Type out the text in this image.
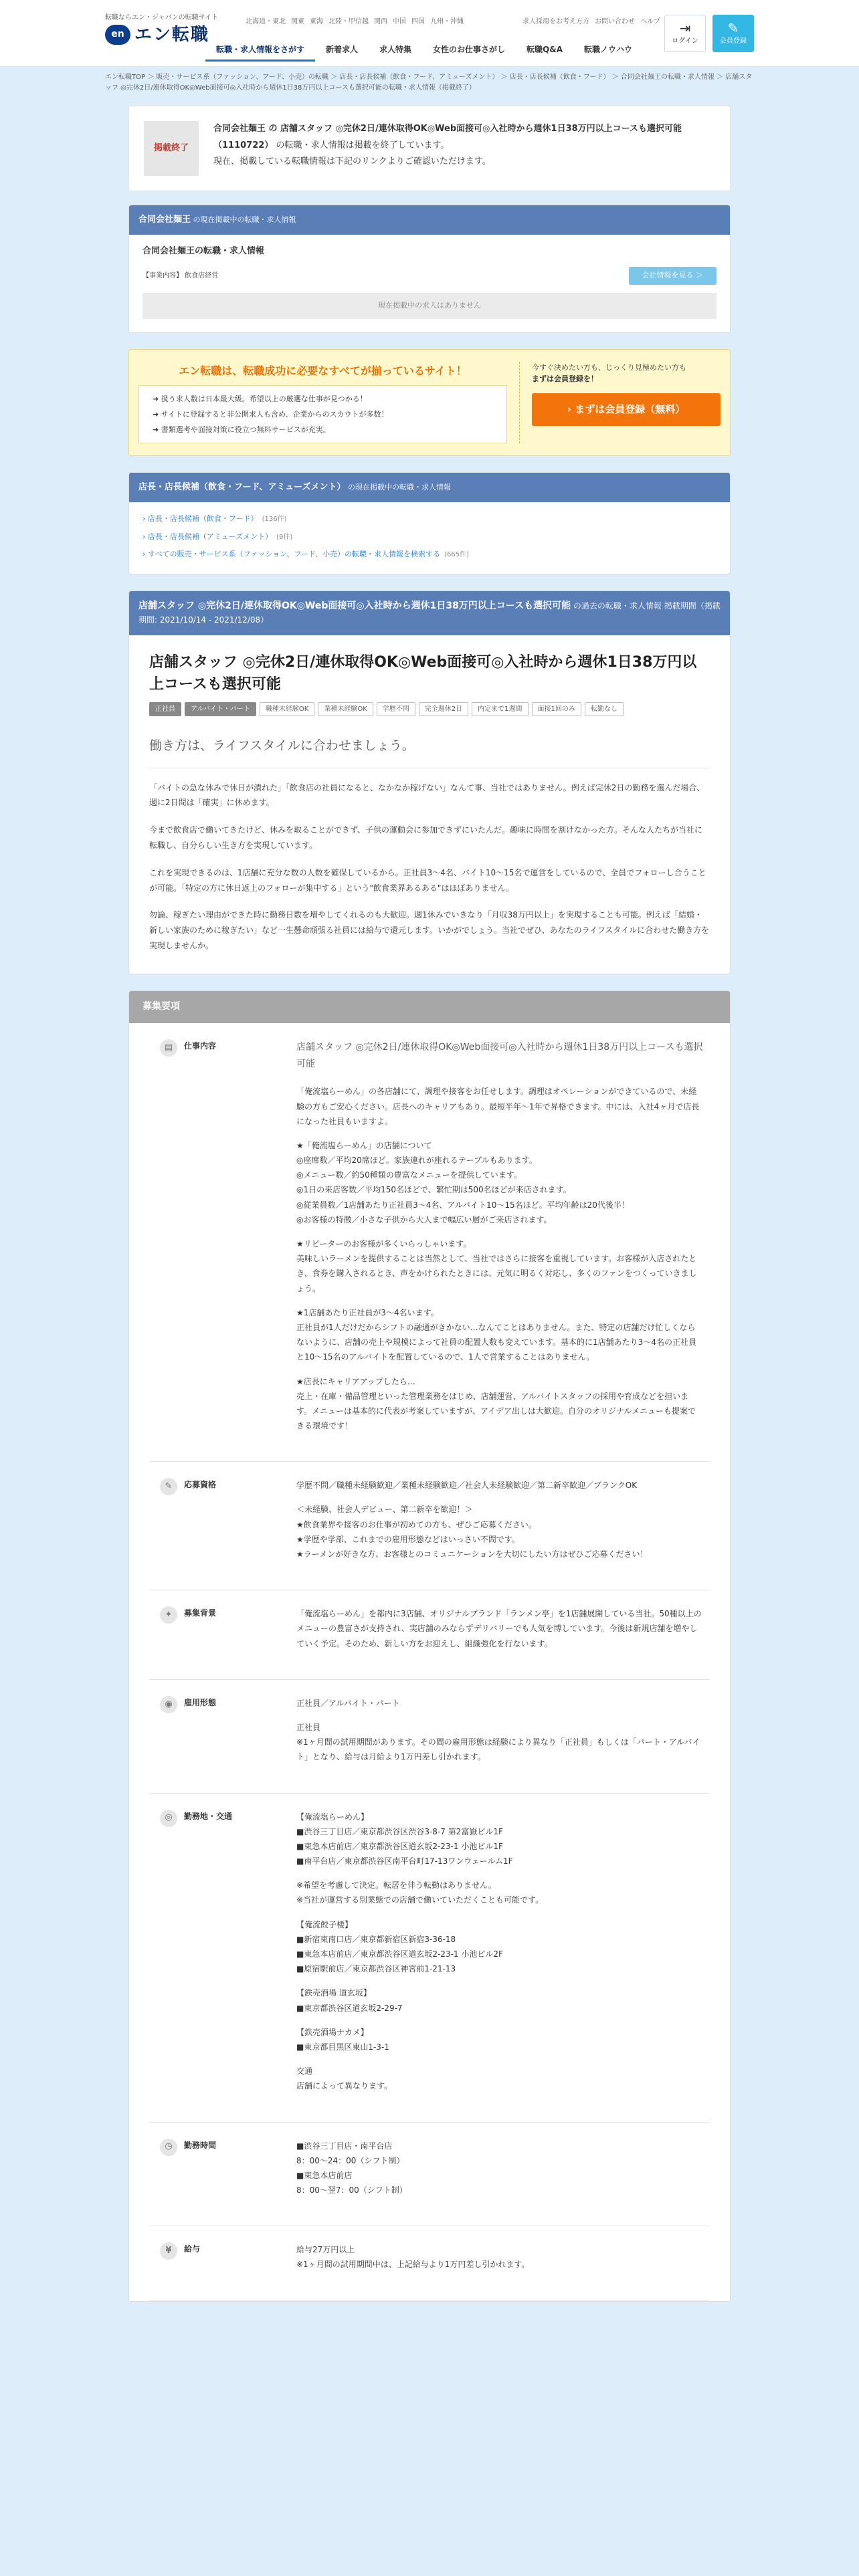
転職ならエン・ジャパンの転職サイト
en エン転職
北海道・東北 関東 東海 北陸・甲信越 関西 中国 四国 九州・沖縄	求人採用をお考え方方 お問い合わせ ヘルプ
転職・求人情報をさがす	新着求人	求人特集	女性のお仕事さがし	転職Q&A	転職ノウハウ
⇥
ログイン
✎
会員登録
エン転職TOP ＞ 販売・サービス系（ファッション、フード、小売）の転職 ＞ 店長・店長候補（飲食・フード、アミューズメント） ＞ 店長・店長候補（飲食・フード） ＞ 合同会社麺王の転職・求人情報 ＞ 店舗スタッフ ◎完休2日/連休取得OK◎Web面接可◎入社時から週休1日38万円以上コースも選択可能の転職・求人情報（掲載終了）
掲載終了
合同会社麺王 の 店舗スタッフ ◎完休2日/連休取得OK◎Web面接可◎入社時から週休1日38万円以上コースも選択可能（1110722） の転職・求人情報は掲載を終了しています。
現在、掲載している転職情報は下記のリンクよりご確認いただけます。
合同会社麺王 の現在掲載中の転職・求人情報
合同会社麺王の転職・求人情報
【事業内容】 飲食店経営	会社情報を見る ＞
現在掲載中の求人はありません
エン転職は、転職成功に必要なすべてが揃っているサイト！
➜ 扱う求人数は日本最大級。希望以上の厳選な仕事が見つかる！
➜ サイトに登録すると非公開求人も含め、企業からのスカウトが多数！
➜ 書類選考や面接対策に役立つ無料サービスが充実。
今すぐ決めたい方も、じっくり見極めたい方も
まずは会員登録を！
› まずは会員登録（無料）
店長・店長候補（飲食・フード、アミューズメント） の現在掲載中の転職・求人情報
› 店長・店長候補（飲食・フード） (136件)
› 店長・店長候補（アミューズメント） (9件)
› すべての販売・サービス系（ファッション、フード、小売）の転職・求人情報を検索する (665件)
店舗スタッフ ◎完休2日/連休取得OK◎Web面接可◎入社時から週休1日38万円以上コースも選択可能 の過去の転職・求人情報 掲載期間（掲載期間: 2021/10/14 - 2021/12/08）
店舗スタッフ ◎完休2日/連休取得OK◎Web面接可◎入社時から週休1日38万円以上コースも選択可能
正社員	アルバイト・パート	職種未経験OK	業種未経験OK	学歴不問	完全週休2日	内定まで1週間	面接1回のみ	転勤なし
働き方は、ライフスタイルに合わせましょう。

「バイトの急な休みで休日が潰れた」「飲食店の社員になると、なかなか稼げない」なんて事、当社ではありません。例えば完休2日の勤務を選んだ場合、週に2日間は「確実」に休めます。

今まで飲食店で働いてきたけど、休みを取ることができず、子供の運動会に参加できずにいたんだ。趣味に時間を割けなかった方。そんな人たちが当社に転職し、自分らしい生き方を実現しています。

これを実現できるのは、1店舗に充分な数の人数を確保しているから。正社員3～4名、バイト10～15名で運営をしているので、全員でフォローし合うことが可能。「特定の方に休日返上のフォローが集中する」という"飲食業界あるある"はほぼありません。

勿論、稼ぎたい理由ができた時に勤務日数を増やしてくれるのも大歓迎。週1休みでいきなり「月収38万円以上」を実現することも可能。例えば「結婚・新しい家族のために稼ぎたい」など一生懸命頑張る社員には給与で還元します。いかがでしょう。当社でぜひ、あなたのライフスタイルに合わせた働き方を実現しませんか。

募集要項
▤	仕事内容	店舗スタッフ ◎完休2日/連休取得OK◎Web面接可◎入社時から週休1日38万円以上コースも選択可能

「俺流塩らーめん」の各店舗にて、調理や接客をお任せします。調理はオペレーションができているので、未経験の方もご安心ください。店長へのキャリアもあり。最短半年～1年で昇格できます。中には、入社4ヶ月で店長になった社員もいますよ。

★「俺流塩らーめん」の店舗について
◎座席数／平均20席ほど。家族連れが座れるテーブルもあります。
◎メニュー数／約50種類の豊富なメニューを提供しています。
◎1日の来店客数／平均150名ほどで、繁忙期は500名ほどが来店されます。
◎従業員数／1店舗あたり正社員3～4名、アルバイト10～15名ほど。平均年齢は20代後半！
◎お客様の特徴／小さな子供から大人まで幅広い層がご来店されます。

★リピーターのお客様が多くいらっしゃいます。
美味しいラーメンを提供することは当然として、当社ではさらに接客を重視しています。お客様が入店されたとき、食券を購入されるとき、声をかけられたときには、元気に明るく対応し、多くのファンをつくっていきましょう。

★1店舗あたり正社員が3～4名います。
正社員が1人だけだからシフトの融通がきかない…なんてことはありません。また、特定の店舗だけ忙しくならないように、店舗の売上や規模によって社員の配置人数も変えています。基本的に1店舗あたり3～4名の正社員と10～15名のアルバイトを配置しているので、1人で営業することはありません。

★店長にキャリアアップしたら…
売上・在庫・備品管理といった管理業務をはじめ、店舗運営、アルバイトスタッフの採用や育成などを担います。メニューは基本的に代表が考案していますが、アイデア出しは大歓迎。自分のオリジナルメニューも提案できる環境です！

✎	応募資格	学歴不問／職種未経験歓迎／業種未経験歓迎／社会人未経験歓迎／第二新卒歓迎／ブランクOK

＜未経験、社会人デビュー、第二新卒を歓迎！＞
★飲食業界や接客のお仕事が初めての方も、ぜひご応募ください。
★学歴や学部、これまでの雇用形態などはいっさい不問です。
★ラーメンが好きな方、お客様とのコミュニケーションを大切にしたい方はぜひご応募ください！

✦	募集背景	「俺流塩らーめん」を都内に3店舗、オリジナルブランド「ランメン亭」を1店舗展開している当社。50種以上のメニューの豊富さが支持され、実店舗のみならずデリバリーでも人気を博しています。今後は新規店舗を増やしていく予定。そのため、新しい方をお迎えし、組織強化を行ないます。

◉	雇用形態	正社員／アルバイト・パート

正社員
※1ヶ月間の試用期間があります。その間の雇用形態は経験により異なり「正社員」もしくは「パート・アルバイト」となり、給与は月給より1万円差し引かれます。

◎	勤務地・交通	【俺流塩らーめん】
■渋谷三丁目店／東京都渋谷区渋谷3-8-7 第2富嶽ビル1F
■東急本店前店／東京都渋谷区道玄坂2-23-1 小池ビル1F
■南平台店／東京都渋谷区南平台町17-13ワンウェールム1F

※希望を考慮して決定。転居を伴う転勤はありません。
※当社が運営する別業態での店舗で働いていただくことも可能です。

【俺流餃子楼】
■新宿東南口店／東京都新宿区新宿3-36-18
■東急本店前店／東京都渋谷区道玄坂2-23-1 小池ビル2F
■原宿駅前店／東京都渋谷区神宮前1-21-13

【鉄売酒場 道玄坂】
■東京都渋谷区道玄坂2-29-7

【鉄売酒場ナカメ】
■東京都目黒区東山1-3-1

交通
店舗によって異なります。

◷	勤務時間	■渋谷三丁目店・南平台店
8：00～24：00（シフト制）
■東急本店前店
8：00～翌7：00（シフト制）

¥	給与	給与27万円以上
※1ヶ月間の試用期間中は、上記給与より1万円差し引かれます。
